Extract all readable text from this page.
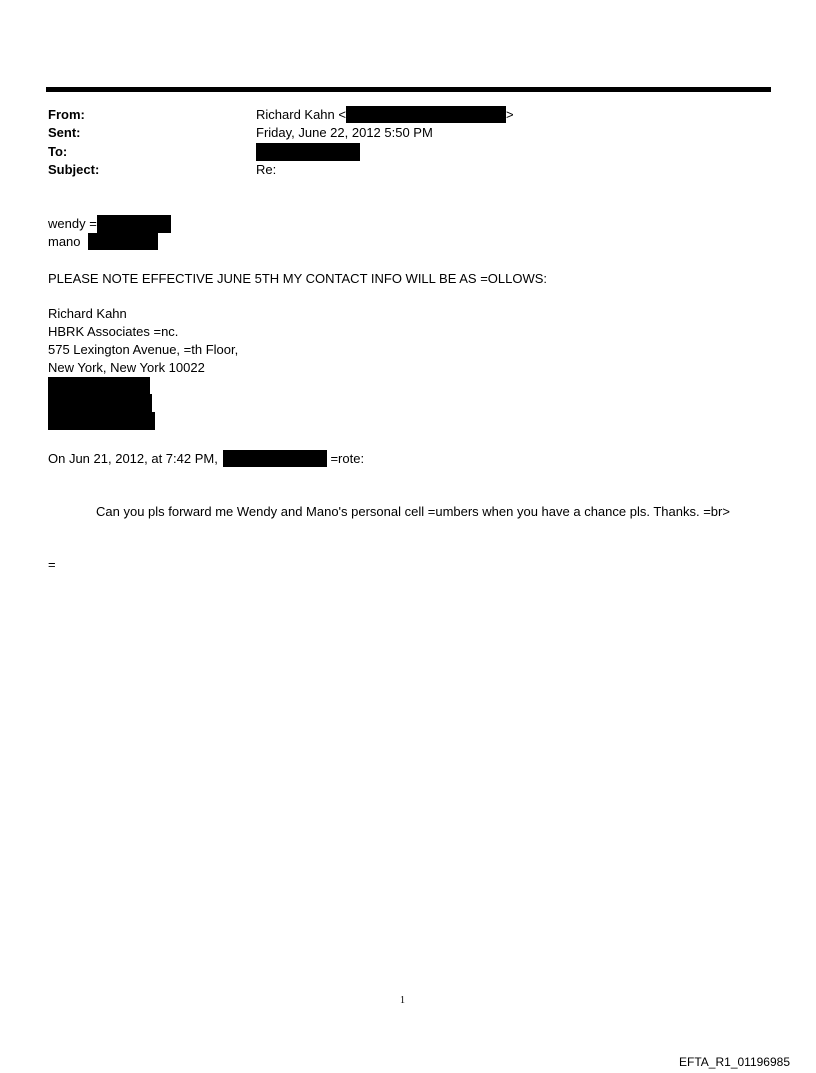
From:	Richard Kahn <	>
Sent:	Friday, June 22, 2012 5:50 PM
To:
Subject:	Re:
wendy =
mano
PLEASE NOTE EFFECTIVE JUNE 5TH MY CONTACT INFO WILL BE AS =OLLOWS:
Richard Kahn
HBRK Associates =nc.
575 Lexington Avenue, =th Floor,
New York, New York 10022
On Jun 21, 2012, at 7:42 PM,	=rote:
Can you pls forward me Wendy and Mano's personal cell =umbers when you have a chance pls. Thanks. =br>
=
1
EFTA_R1_01196985
